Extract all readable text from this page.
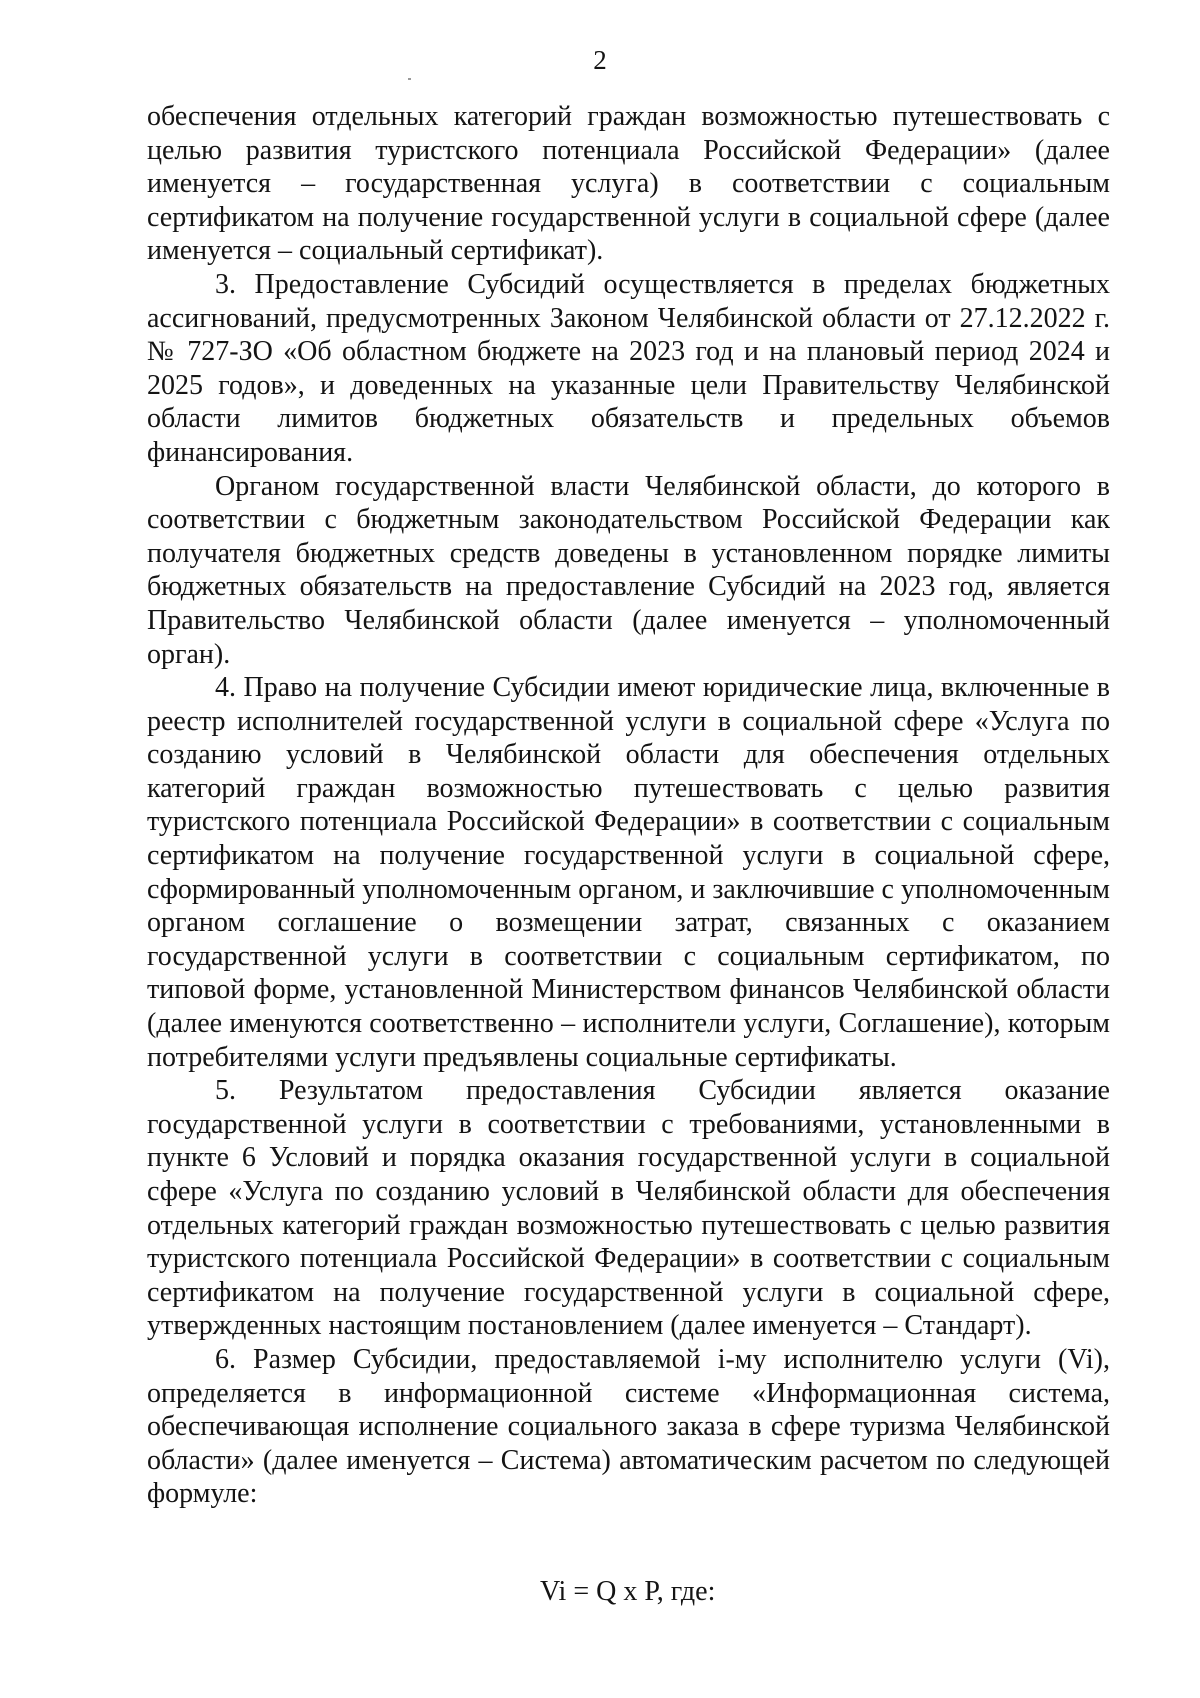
2

обеспечения отдельных категорий граждан возможностью путешествовать с целью развития туристского потенциала Российской Федерации» (далее именуется – государственная услуга) в соответствии с социальным сертификатом на получение государственной услуги в социальной сфере (далее именуется – социальный сертификат).

3. Предоставление Субсидий осуществляется в пределах бюджетных ассигнований, предусмотренных Законом Челябинской области от 27.12.2022 г. № 727-ЗО «Об областном бюджете на 2023 год и на плановый период 2024 и 2025 годов», и доведенных на указанные цели Правительству Челябинской области лимитов бюджетных обязательств и предельных объемов финансирования.

Органом государственной власти Челябинской области, до которого в соответствии с бюджетным законодательством Российской Федерации как получателя бюджетных средств доведены в установленном порядке лимиты бюджетных обязательств на предоставление Субсидий на 2023 год, является Правительство Челябинской области (далее именуется – уполномоченный орган).

4. Право на получение Субсидии имеют юридические лица, включенные в реестр исполнителей государственной услуги в социальной сфере «Услуга по созданию условий в Челябинской области для обеспечения отдельных категорий граждан возможностью путешествовать с целью развития туристского потенциала Российской Федерации» в соответствии с социальным сертификатом на получение государственной услуги в социальной сфере, сформированный уполномоченным органом, и заключившие с уполномоченным органом соглашение о возмещении затрат, связанных с оказанием государственной услуги в соответствии с социальным сертификатом, по типовой форме, установленной Министерством финансов Челябинской области (далее именуются соответственно – исполнители услуги, Соглашение), которым потребителями услуги предъявлены социальные сертификаты.

5. Результатом предоставления Субсидии является оказание государственной услуги в соответствии с требованиями, установленными в пункте 6 Условий и порядка оказания государственной услуги в социальной сфере «Услуга по созданию условий в Челябинской области для обеспечения отдельных категорий граждан возможностью путешествовать с целью развития туристского потенциала Российской Федерации» в соответствии с социальным сертификатом на получение государственной услуги в социальной сфере, утвержденных настоящим постановлением (далее именуется – Стандарт).

6. Размер Субсидии, предоставляемой i-му исполнителю услуги (Vi), определяется в информационной системе «Информационная система, обеспечивающая исполнение социального заказа в сфере туризма Челябинской области» (далее именуется – Система) автоматическим расчетом по следующей формуле:

Vi = Q x P, где:
